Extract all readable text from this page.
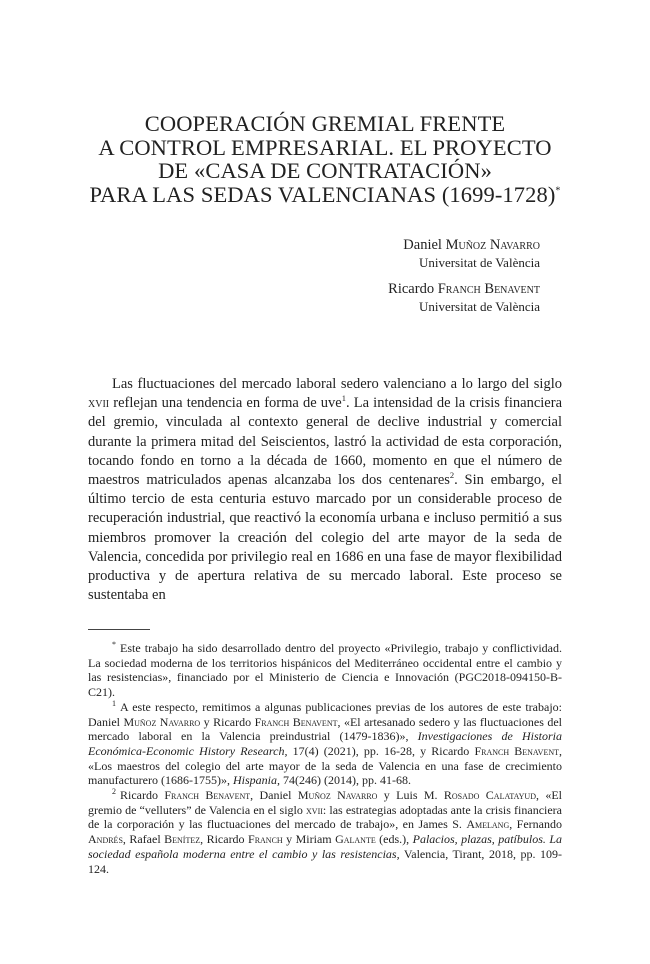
COOPERACIÓN GREMIAL FRENTE
A CONTROL EMPRESARIAL. EL PROYECTO
DE «CASA DE CONTRATACIÓN»
PARA LAS SEDAS VALENCIANAS (1699-1728)*
Daniel Muñoz Navarro
Universitat de València
Ricardo Franch Benavent
Universitat de València

Las fluctuaciones del mercado laboral sedero valenciano a lo largo del siglo xvii reflejan una tendencia en forma de uve$^1$. La intensidad de la crisis financiera del gremio, vinculada al contexto general de declive industrial y comercial durante la primera mitad del Seiscientos, lastró la actividad de esta corporación, tocando fondo en torno a la década de 1660, momento en que el número de maestros matriculados apenas alcanzaba los dos centenares$^2$. Sin embargo, el último tercio de esta centuria estuvo marcado por un considerable proceso de recuperación industrial, que reactivó la economía urbana e incluso permitió a sus miembros promover la creación del colegio del arte mayor de la seda de Valencia, concedida por privilegio real en 1686 en una fase de mayor flexibilidad productiva y de apertura relativa de su mercado laboral. Este proceso se sustentaba en

* Este trabajo ha sido desarrollado dentro del proyecto «Privilegio, trabajo y conflictividad. La sociedad moderna de los territorios hispánicos del Mediterráneo occidental entre el cambio y las resistencias», financiado por el Ministerio de Ciencia e Innovación (PGC2018-094150-B-C21).

$^1$ A este respecto, remitimos a algunas publicaciones previas de los autores de este trabajo: Daniel Muñoz Navarro y Ricardo Franch Benavent, «El artesanado sedero y las fluctuaciones del mercado laboral en la Valencia preindustrial (1479-1836)», Investigaciones de Historia Económica-Economic History Research, 17(4) (2021), pp. 16-28, y Ricardo Franch Benavent, «Los maestros del colegio del arte mayor de la seda de Valencia en una fase de crecimiento manufacturero (1686-1755)», Hispania, 74(246) (2014), pp. 41-68.

$^2$ Ricardo Franch Benavent, Daniel Muñoz Navarro y Luis M. Rosado Calatayud, «El gremio de “velluters” de Valencia en el siglo xvii: las estrategias adoptadas ante la crisis financiera de la corporación y las fluctuaciones del mercado de trabajo», en James S. Amelang, Fernando Andrés, Rafael Benítez, Ricardo Franch y Miriam Galante (eds.), Palacios, plazas, patíbulos. La sociedad española moderna entre el cambio y las resistencias, Valencia, Tirant, 2018, pp. 109-124.
